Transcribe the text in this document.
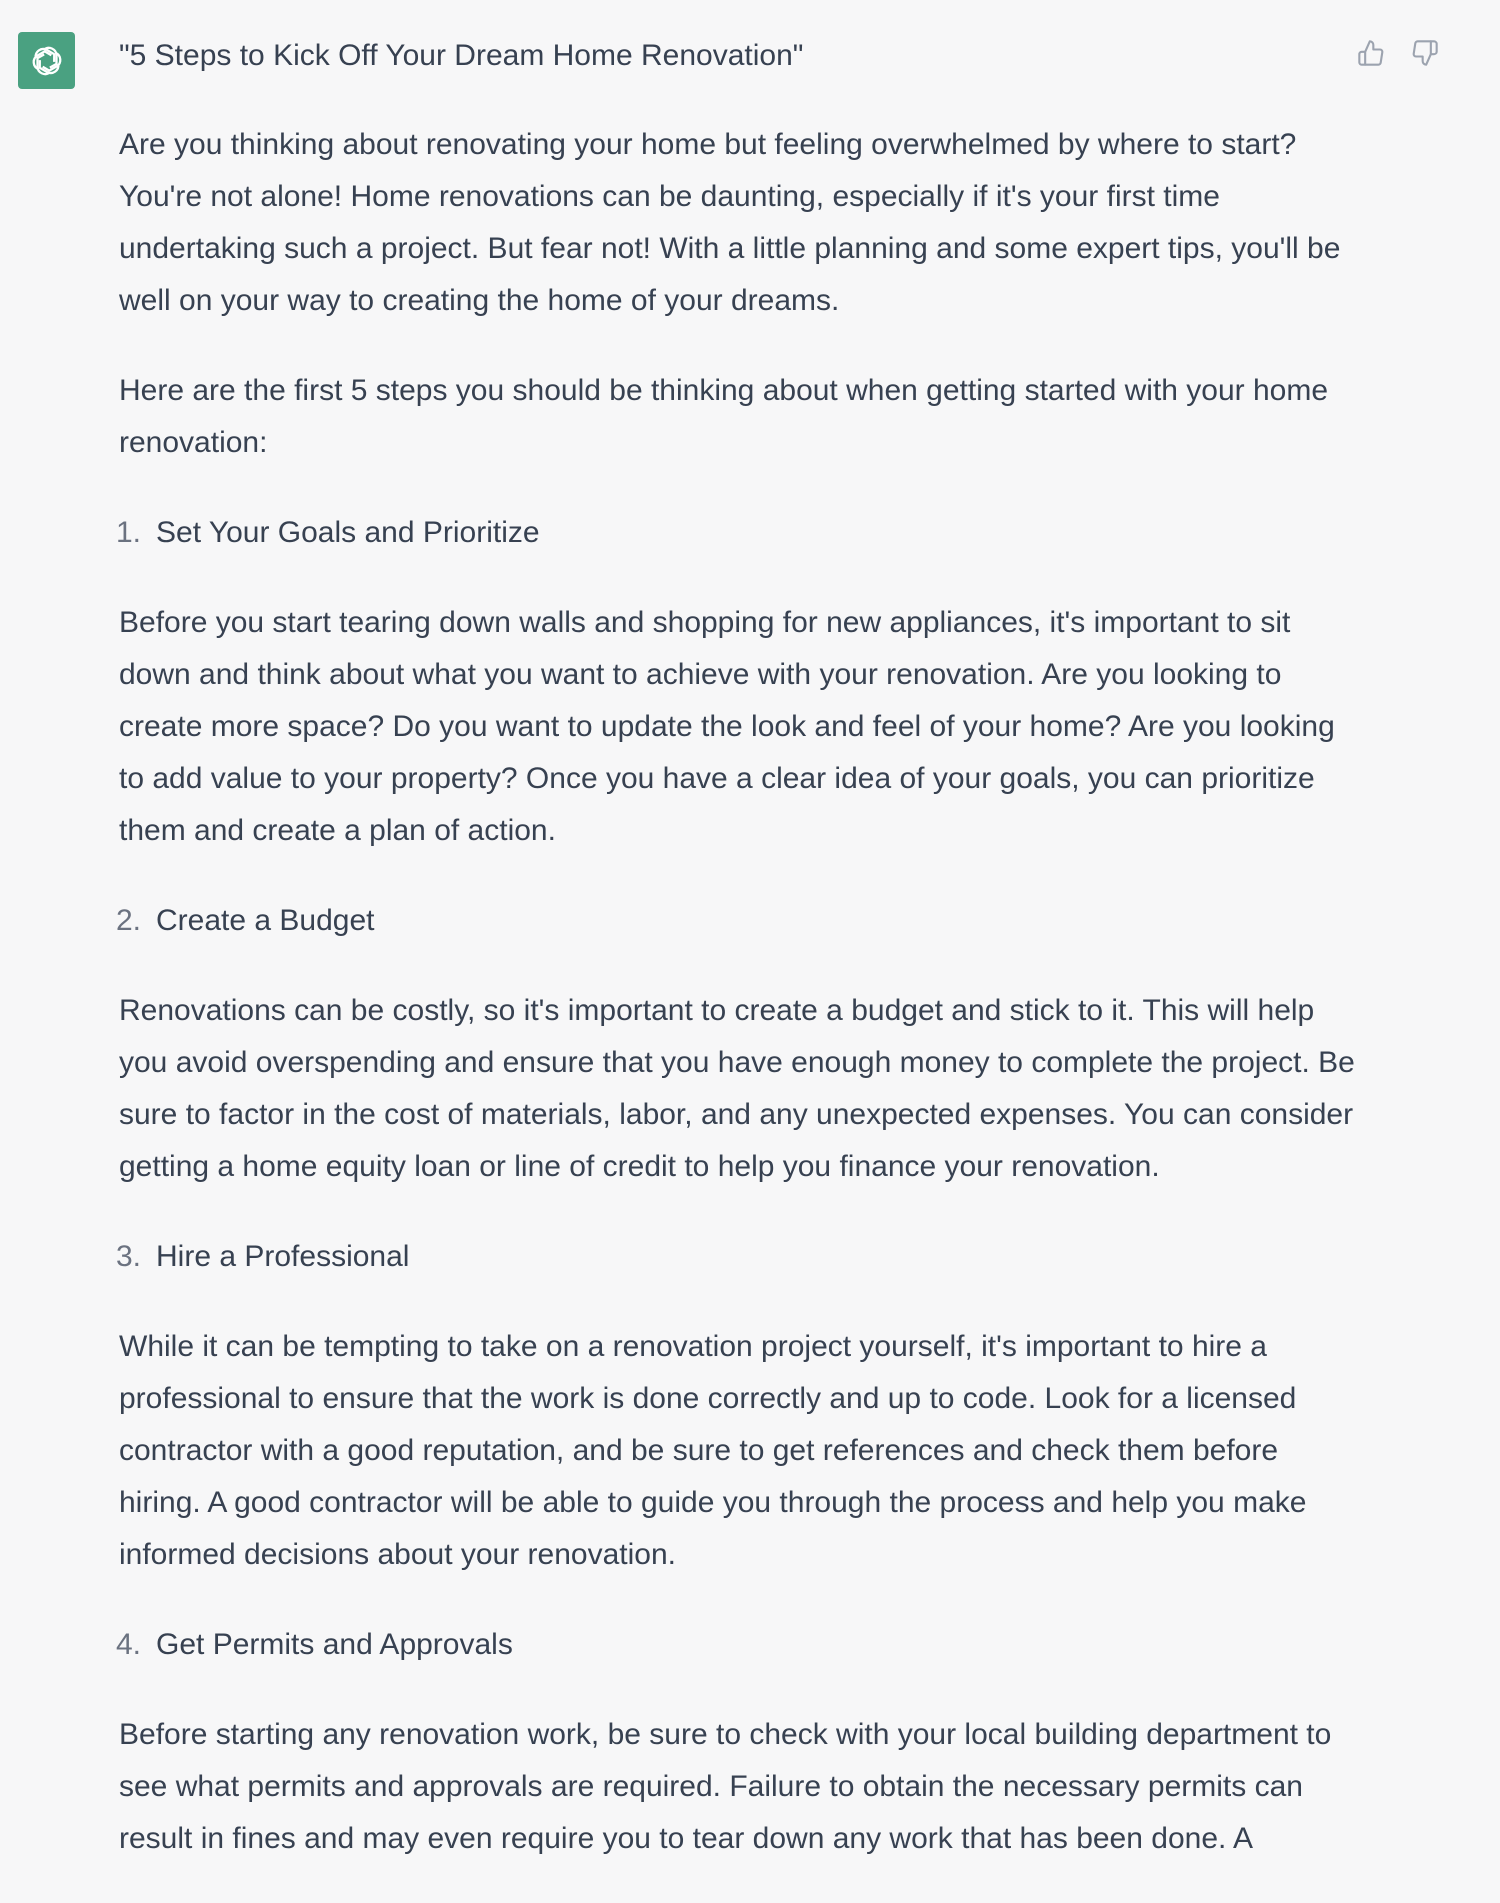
"5 Steps to Kick Off Your Dream Home Renovation"

Are you thinking about renovating your home but feeling overwhelmed by where to start? You're not alone! Home renovations can be daunting, especially if it's your first time undertaking such a project. But fear not! With a little planning and some expert tips, you'll be well on your way to creating the home of your dreams.

Here are the first 5 steps you should be thinking about when getting started with your home renovation:

1. Set Your Goals and Prioritize

Before you start tearing down walls and shopping for new appliances, it's important to sit down and think about what you want to achieve with your renovation. Are you looking to create more space? Do you want to update the look and feel of your home? Are you looking to add value to your property? Once you have a clear idea of your goals, you can prioritize them and create a plan of action.

2. Create a Budget

Renovations can be costly, so it's important to create a budget and stick to it. This will help you avoid overspending and ensure that you have enough money to complete the project. Be sure to factor in the cost of materials, labor, and any unexpected expenses. You can consider getting a home equity loan or line of credit to help you finance your renovation.

3. Hire a Professional

While it can be tempting to take on a renovation project yourself, it's important to hire a professional to ensure that the work is done correctly and up to code. Look for a licensed contractor with a good reputation, and be sure to get references and check them before hiring. A good contractor will be able to guide you through the process and help you make informed decisions about your renovation.

4. Get Permits and Approvals

Before starting any renovation work, be sure to check with your local building department to see what permits and approvals are required. Failure to obtain the necessary permits can result in fines and may even require you to tear down any work that has been done. A
